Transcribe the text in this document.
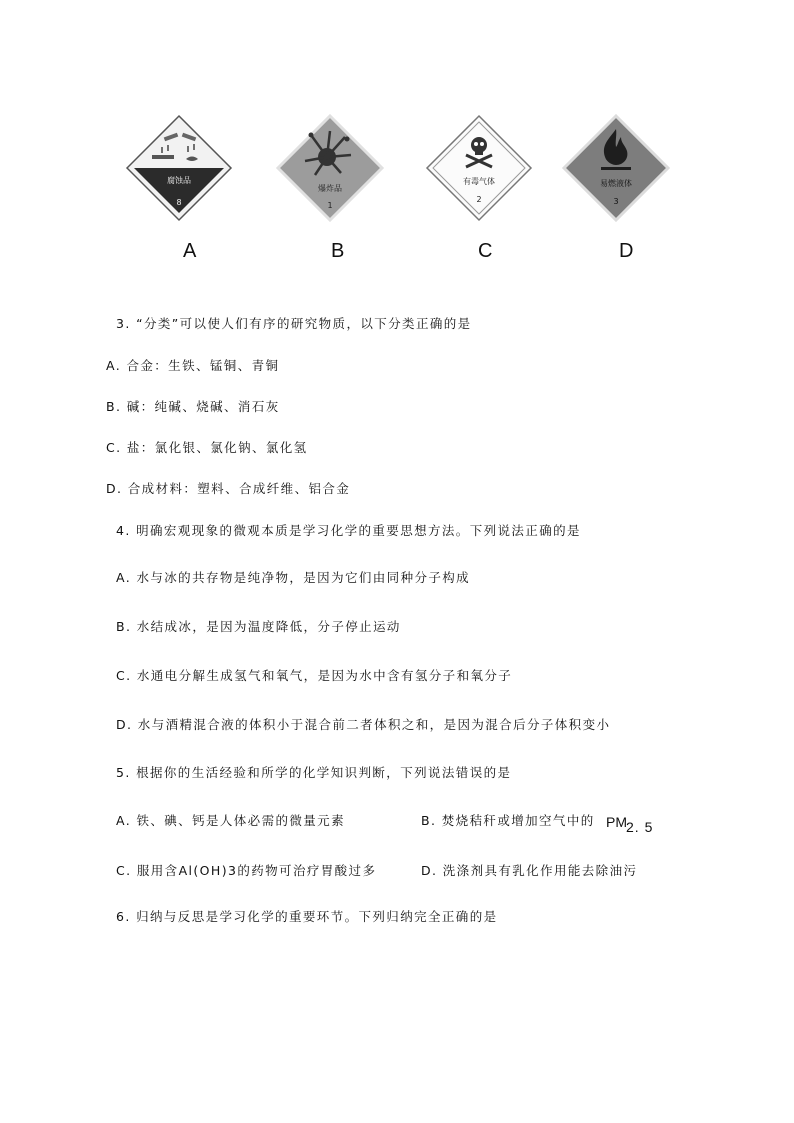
腐蚀品
8
爆炸品
1
有毒气体
2
易燃液体
3
A	B	C	D
3. “分类”可以使人们有序的研究物质，以下分类正确的是
A. 合金：生铁、锰铜、青铜
B. 碱：纯碱、烧碱、消石灰
C. 盐：氯化银、氯化钠、氯化氢
D. 合成材料：塑料、合成纤维、铝合金
4. 明确宏观现象的微观本质是学习化学的重要思想方法。下列说法正确的是
A. 水与冰的共存物是纯净物，是因为它们由同种分子构成
B. 水结成冰，是因为温度降低，分子停止运动
C. 水通电分解生成氢气和氧气，是因为水中含有氢分子和氧分子
D. 水与酒精混合液的体积小于混合前二者体积之和，是因为混合后分子体积变小
5. 根据你的生活经验和所学的化学知识判断，下列说法错误的是
A. 铁、碘、钙是人体必需的微量元素	B. 焚烧秸秆或增加空气中的 PM 2. 5
C. 服用含Al(OH)3的药物可治疗胃酸过多	D. 洗涤剂具有乳化作用能去除油污
6. 归纳与反思是学习化学的重要环节。下列归纳完全正确的是
